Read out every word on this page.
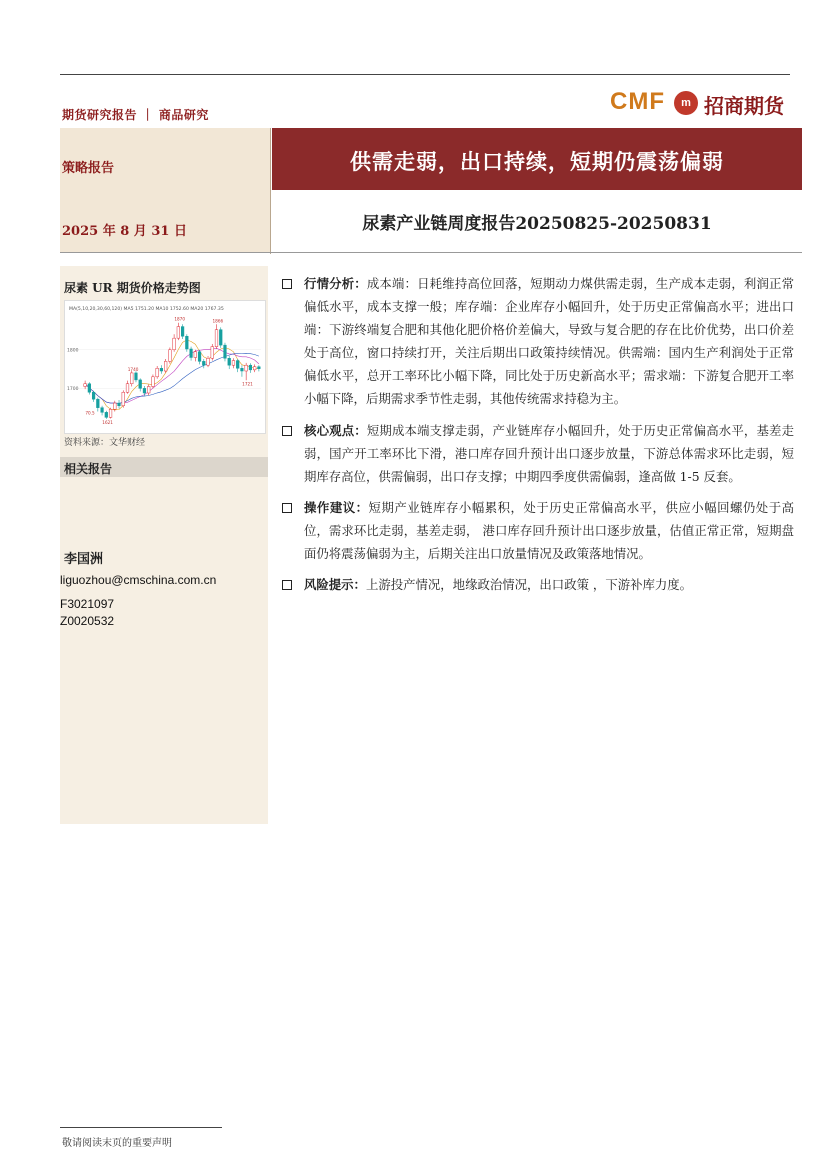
期货研究报告 ｜ 商品研究	CMF	m 招商期货
策略报告	供需走弱，出口持续，短期仍震荡偏弱
尿素产业链周度报告20250825-20250831
2025 年 8 月 31 日
尿素 UR 期货价格走势图
MA(5,10,20,30,60,120) MA5 1751.20 MA10 1752.60 MA20 1767.35
1800
1700
1870	1866
1740
1721
1621
70.5
资料来源：文华财经
相关报告
李国洲
liguozhou@cmschina.com.cn
F3021097
Z0020532
行情分析：成本端：日耗维持高位回落，短期动力煤供需走弱，生产成本走弱，利润正常偏低水平，成本支撑一般；库存端：企业库存小幅回升，处于历史正常偏高水平；进出口端：下游终端复合肥和其他化肥价格价差偏大，导致与复合肥的存在比价优势，出口价差处于高位，窗口持续打开，关注后期出口政策持续情况。供需端：国内生产利润处于正常偏低水平，总开工率环比小幅下降，同比处于历史新高水平；需求端：下游复合肥开工率小幅下降，后期需求季节性走弱，其他传统需求持稳为主。
核心观点：短期成本端支撑走弱，产业链库存小幅回升，处于历史正常偏高水平，基差走弱，国产开工率环比下滑，港口库存回升预计出口逐步放量，下游总体需求环比走弱，短期库存高位，供需偏弱，出口存支撑；中期四季度供需偏弱，逢高做 1-5 反套。
操作建议：短期产业链库存小幅累积，处于历史正常偏高水平，供应小幅回螺仍处于高位，需求环比走弱，基差走弱， 港口库存回升预计出口逐步放量，估值正常正常，短期盘面仍将震荡偏弱为主，后期关注出口放量情况及政策落地情况。
风险提示：上游投产情况，地缘政治情况，出口政策 ，下游补库力度。
敬请阅读末页的重要声明
